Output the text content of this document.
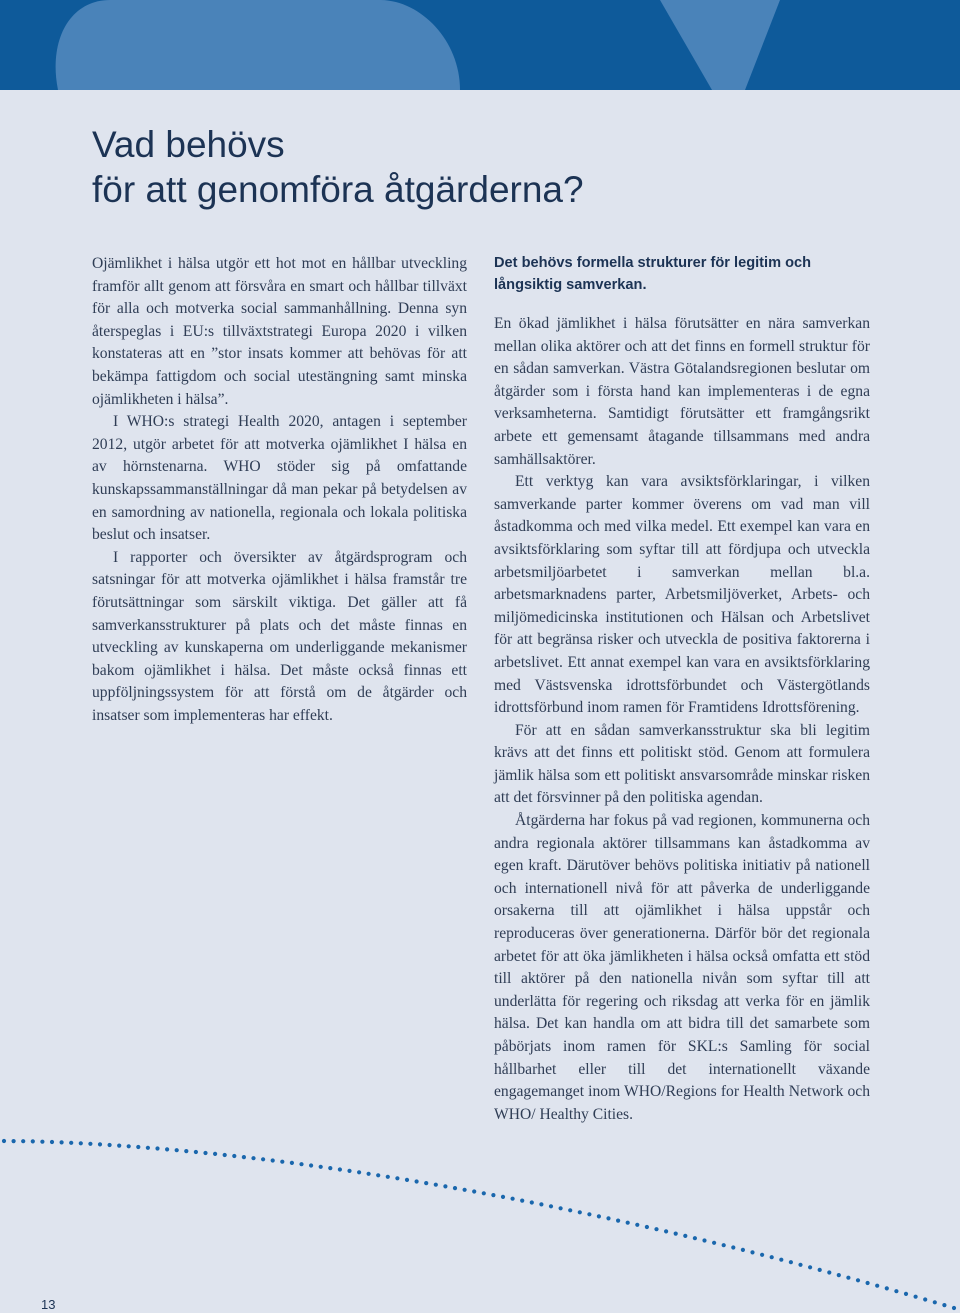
Vad behövs
för att genomföra åtgärderna?

Ojämlikhet i hälsa utgör ett hot mot en hållbar utveckling framför allt genom att försvåra en smart och hållbar tillväxt för alla och motverka social sammanhållning. Denna syn återspeglas i EU:s tillväxtstrategi Europa 2020 i vilken konstateras att en ”stor insats kommer att behövas för att bekämpa fattigdom och social utestängning samt minska ojämlikheten i hälsa”.

I WHO:s strategi Health 2020, antagen i september 2012, utgör arbetet för att motverka ojämlikhet I hälsa en av hörnstenarna. WHO stöder sig på omfattande kunskapssammanställningar då man pekar på betydelsen av en samordning av nationella, regionala och lokala politiska beslut och insatser.

I rapporter och översikter av åtgärdsprogram och satsningar för att motverka ojämlikhet i hälsa framstår tre förutsättningar som särskilt viktiga. Det gäller att få samverkansstrukturer på plats och det måste finnas en utveckling av kunskaperna om underliggande mekanismer bakom ojämlikhet i hälsa. Det måste också finnas ett uppföljningssystem för att förstå om de åtgärder och insatser som implementeras har effekt.

Det behövs formella strukturer för legitim och långsiktig samverkan.

En ökad jämlikhet i hälsa förutsätter en nära samverkan mellan olika aktörer och att det finns en formell struktur för en sådan samverkan. Västra Götalandsregionen beslutar om åtgärder som i första hand kan implementeras i de egna verksamheterna. Samtidigt förutsätter ett framgångsrikt arbete ett gemensamt åtagande tillsammans med andra samhällsaktörer.

Ett verktyg kan vara avsiktsförklaringar, i vilken samverkande parter kommer överens om vad man vill åstadkomma och med vilka medel. Ett exempel kan vara en avsiktsförklaring som syftar till att fördjupa och utveckla arbetsmiljöarbetet i samverkan mellan bl.a. arbetsmarknadens parter, Arbetsmiljöverket, Arbets- och miljömedicinska institutionen och Hälsan och Arbetslivet för att begränsa risker och utveckla de positiva faktorerna i arbetslivet. Ett annat exempel kan vara en avsiktsförklaring med Västsvenska idrottsförbundet och Västergötlands idrottsförbund inom ramen för Framtidens Idrottsförening.

För att en sådan samverkansstruktur ska bli legitim krävs att det finns ett politiskt stöd. Genom att formulera jämlik hälsa som ett politiskt ansvarsområde minskar risken att det försvinner på den politiska agendan.

Åtgärderna har fokus på vad regionen, kommunerna och andra regionala aktörer tillsammans kan åstadkomma av egen kraft. Därutöver behövs politiska initiativ på nationell och internationell nivå för att påverka de underliggande orsakerna till att ojämlikhet i hälsa uppstår och reproduceras över generationerna. Därför bör det regionala arbetet för att öka jämlikheten i hälsa också omfatta ett stöd till aktörer på den nationella nivån som syftar till att underlätta för regering och riksdag att verka för en jämlik hälsa. Det kan handla om att bidra till det samarbete som påbörjats inom ramen för SKL:s Samling för social hållbarhet eller till det internationellt växande engagemanget inom WHO/Regions for Health Network och WHO/ Healthy Cities.

13
